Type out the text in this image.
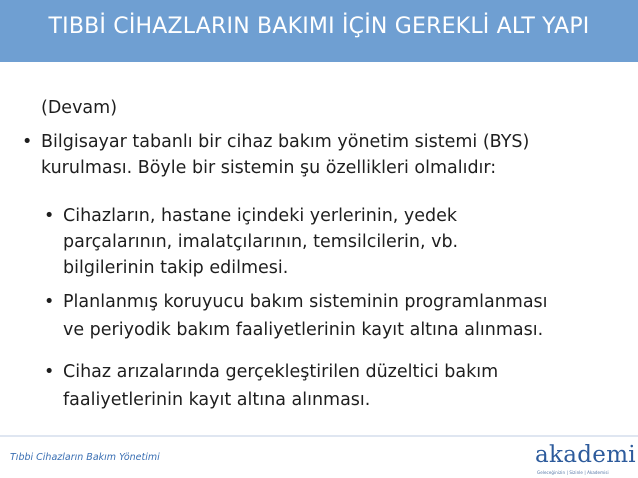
TIBBİ CİHAZLARIN BAKIMI İÇİN GEREKLİ ALT YAPI
(Devam)
• Bilgisayar tabanlı bir cihaz bakım yönetim sistemi (BYS)
kurulması. Böyle bir sistemin şu özellikleri olmalıdır:
• Cihazların, hastane içindeki yerlerinin, yedek
parçalarının, imalatçılarının, temsilcilerin, vb.
bilgilerinin takip edilmesi.
• Planlanmış koruyucu bakım sisteminin programlanması
ve periyodik bakım faaliyetlerinin kayıt altına alınması.
• Cihaz arızalarında gerçekleştirilen düzeltici bakım
faaliyetlerinin kayıt altına alınması.
Tıbbi Cihazların Bakım Yönetimi	akademi
Geleceğinizin | Sizinle | Akademisi
